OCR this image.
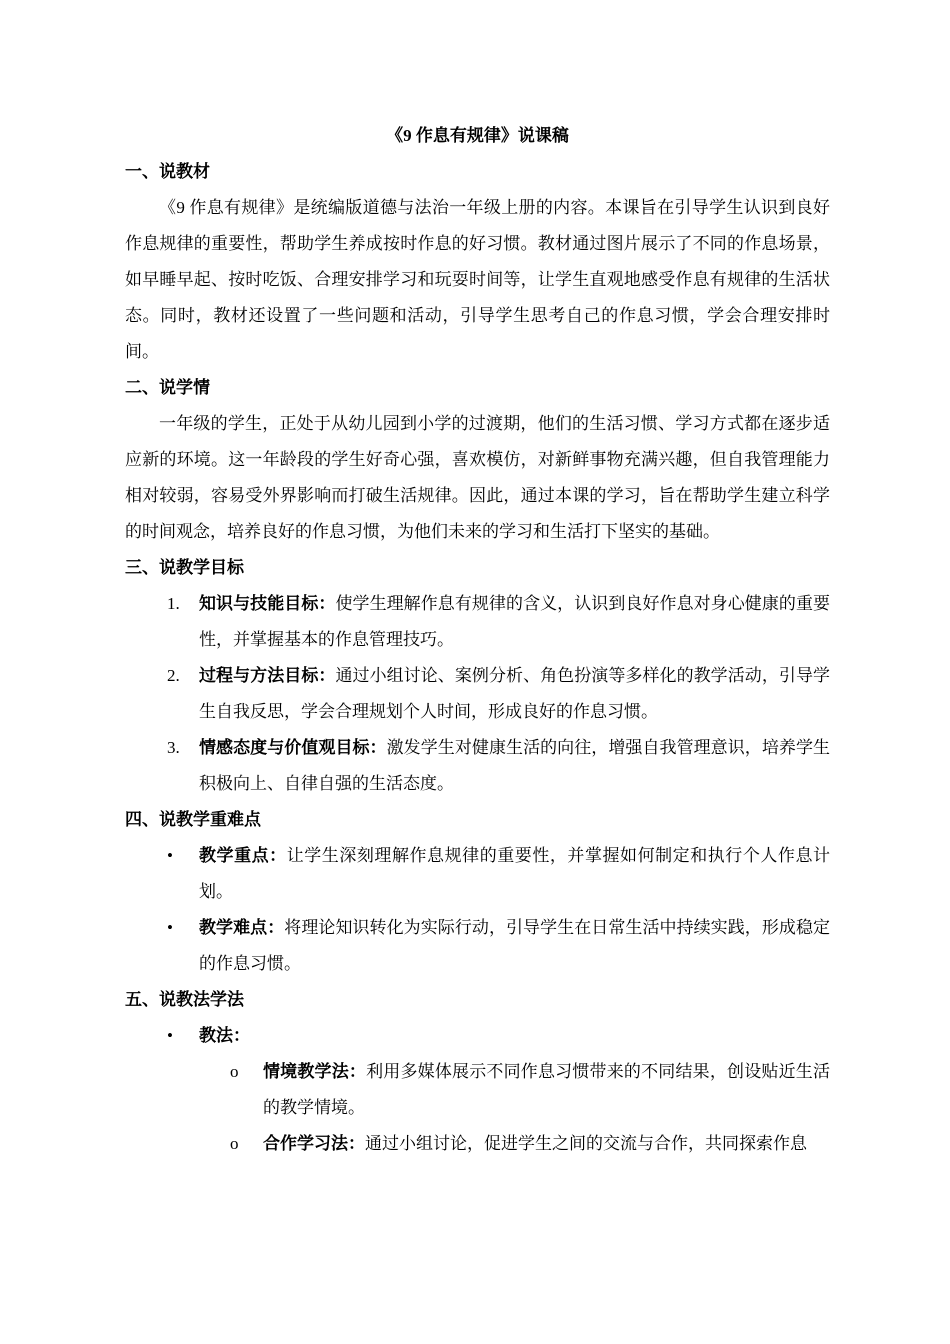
《9 作息有规律》说课稿
一、说教材

《9 作息有规律》是统编版道德与法治一年级上册的内容。本课旨在引导学生认识到良好作息规律的重要性，帮助学生养成按时作息的好习惯。教材通过图片展示了不同的作息场景，如早睡早起、按时吃饭、合理安排学习和玩耍时间等，让学生直观地感受作息有规律的生活状态。同时，教材还设置了一些问题和活动，引导学生思考自己的作息习惯，学会合理安排时间。

二、说学情

一年级的学生，正处于从幼儿园到小学的过渡期，他们的生活习惯、学习方式都在逐步适应新的环境。这一年龄段的学生好奇心强，喜欢模仿，对新鲜事物充满兴趣，但自我管理能力相对较弱，容易受外界影响而打破生活规律。因此，通过本课的学习，旨在帮助学生建立科学的时间观念，培养良好的作息习惯，为他们未来的学习和生活打下坚实的基础。

三、说教学目标
1.	知识与技能目标：使学生理解作息有规律的含义，认识到良好作息对身心健康的重要性，并掌握基本的作息管理技巧。
2.	过程与方法目标：通过小组讨论、案例分析、角色扮演等多样化的教学活动，引导学生自我反思，学会合理规划个人时间，形成良好的作息习惯。
3.	情感态度与价值观目标：激发学生对健康生活的向往，增强自我管理意识，培养学生积极向上、自律自强的生活态度。
四、说教学重难点
•	教学重点：让学生深刻理解作息规律的重要性，并掌握如何制定和执行个人作息计划。
•	教学难点：将理论知识转化为实际行动，引导学生在日常生活中持续实践，形成稳定的作息习惯。
五、说教法学法
•	教法：
o	情境教学法：利用多媒体展示不同作息习惯带来的不同结果，创设贴近生活的教学情境。
o	合作学习法：通过小组讨论，促进学生之间的交流与合作，共同探索作息
